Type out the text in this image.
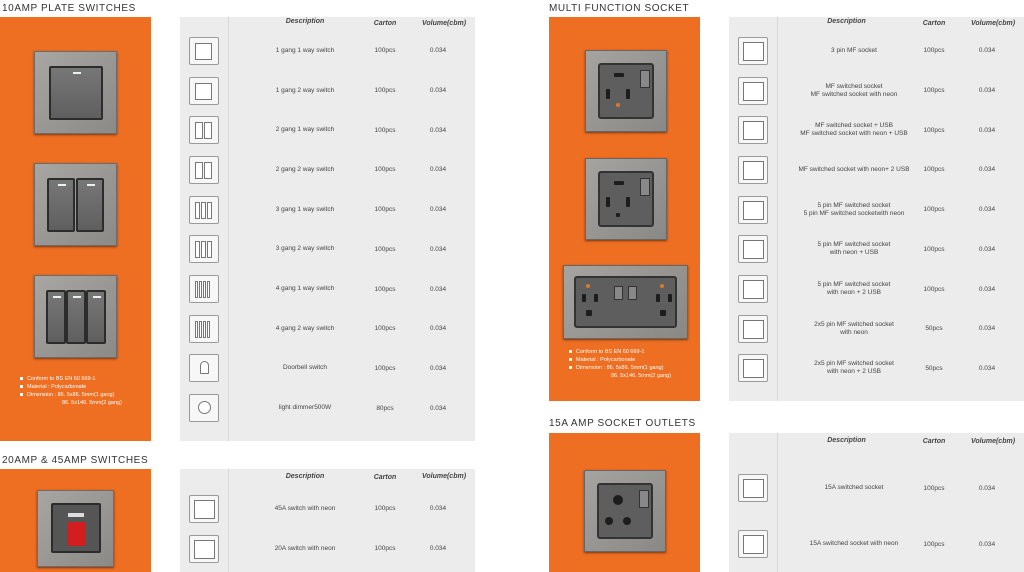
10AMP PLATE SWITCHES
Conform to BS EN 60 669-1
Material : Polycarbonate
Dimension : 86. 5x86. 5mm(1 gang)
86. 5x146. 5mm(2 gang)
Description	Carton	Volume(cbm)
1 gang 1 way switch	100pcs	0.034
1 gang 2 way switch	100pcs	0.034
2 gang 1 way switch	100pcs	0.034
2 gang 2 way switch	100pcs	0.034
3 gang 1 way switch	100pcs	0.034
3 gang 2 way switch	100pcs	0.034
4 gang 1 way switch	100pcs	0.034
4 gang 2 way switch	100pcs	0.034
Doorbell switch	100pcs	0.034
light dimmer500W	80pcs	0.034
20AMP & 45AMP SWITCHES
Description	Carton	Volume(cbm)
45A switch with neon	100pcs	0.034
20A switch with neon	100pcs	0.034
MULTI FUNCTION SOCKET
Conform to BS EN 60 669-1
Material : Polycarbonate
Dimension : 86. 5x86. 5mm(1 gang)
86. 5x146. 5mm(2 gang)
Description	Carton	Volume(cbm)
3 pin MF socket	100pcs	0.034
MF switched socket
MF switched socket with neon	100pcs	0.034
MF switched socket + USB
MF switched socket with neon + USB	100pcs	0.034
MF switched socket with neon+ 2 USB	100pcs	0.034
5 pin MF switched socket
5 pin MF switched socketwith neon	100pcs	0.034
5 pin MF switched socket
with neon + USB	100pcs	0.034
5 pin MF switched socket
with neon + 2 USB	100pcs	0.034
2x5 pin MF switched socket
with neon	50pcs	0.034
2x5 pin MF switched socket
with neon + 2 USB	50pcs	0.034
15A AMP SOCKET OUTLETS
Description	Carton	Volume(cbm)
15A switched socket	100pcs	0.034
15A switched socket with neon	100pcs	0.034
